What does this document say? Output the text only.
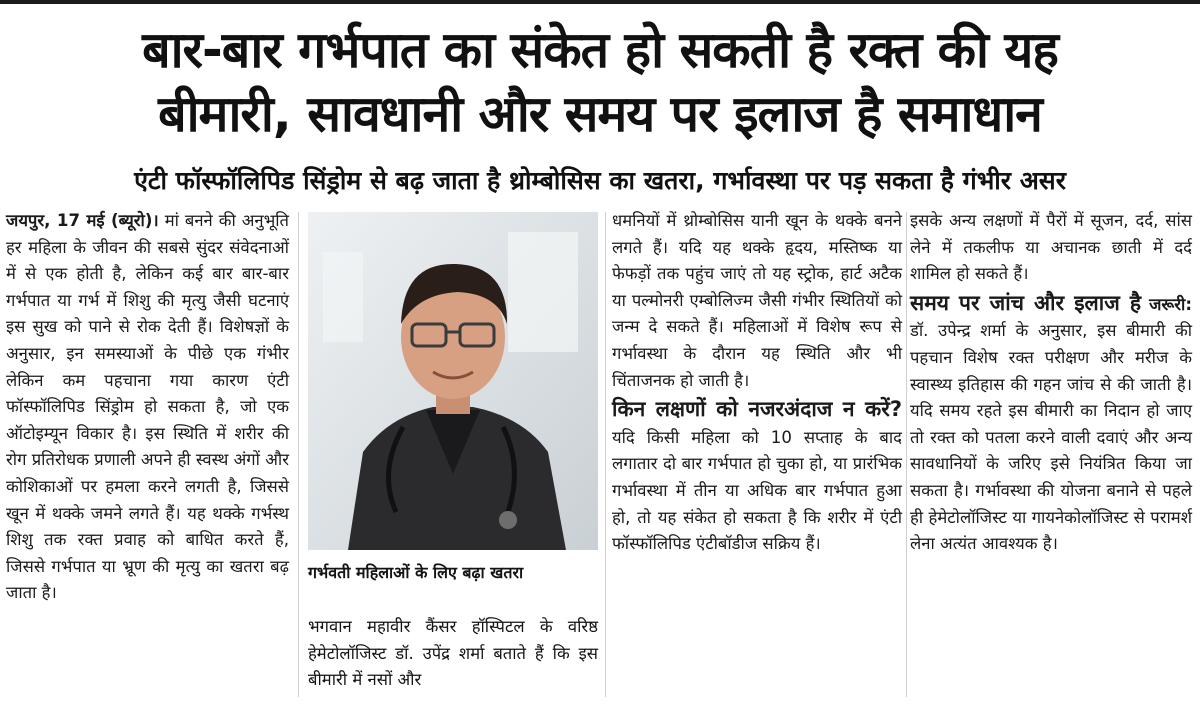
बार-बार गर्भपात का संकेत हो सकती है रक्त की यह
बीमारी, सावधानी और समय पर इलाज है समाधान
एंटी फॉस्फॉलिपिड सिंड्रोम से बढ़ जाता है थ्रोम्बोसिस का खतरा, गर्भावस्था पर पड़ सकता है गंभीर असर

जयपुर, 17 मई (ब्यूरो)। मां बनने की अनुभूति हर महिला के जीवन की सबसे सुंदर संवेदनाओं में से एक होती है, लेकिन कई बार बार-बार गर्भपात या गर्भ में शिशु की मृत्यु जैसी घटनाएं इस सुख को पाने से रोक देती हैं। विशेषज्ञों के अनुसार, इन समस्याओं के पीछे एक गंभीर लेकिन कम पहचाना गया कारण एंटी फॉस्फॉलिपिड सिंड्रोम हो सकता है, जो एक ऑटोइम्यून विकार है। इस स्थिति में शरीर की रोग प्रतिरोधक प्रणाली अपने ही स्वस्थ अंगों और कोशिकाओं पर हमला करने लगती है, जिससे खून में थक्के जमने लगते हैं। यह थक्के गर्भस्थ शिशु तक रक्त प्रवाह को बाधित करते हैं, जिससे गर्भपात या भ्रूण की मृत्यु का खतरा बढ़ जाता है।

गर्भवती महिलाओं के लिए बढ़ा खतरा

भगवान महावीर कैंसर हॉस्पिटल के वरिष्ठ हेमेटोलॉजिस्ट डॉ. उपेंद्र शर्मा बताते हैं कि इस बीमारी में नसों और

धमनियों में थ्रोम्बोसिस यानी खून के थक्के बनने लगते हैं। यदि यह थक्के हृदय, मस्तिष्क या फेफड़ों तक पहुंच जाएं तो यह स्ट्रोक, हार्ट अटैक या पल्मोनरी एम्बोलिज्म जैसी गंभीर स्थितियों को जन्म दे सकते हैं। महिलाओं में विशेष रूप से गर्भावस्था के दौरान यह स्थिति और भी चिंताजनक हो जाती है।

किन लक्षणों को नजरअंदाज न करें? यदि किसी महिला को 10 सप्ताह के बाद लगातार दो बार गर्भपात हो चुका हो, या प्रारंभिक गर्भावस्था में तीन या अधिक बार गर्भपात हुआ हो, तो यह संकेत हो सकता है कि शरीर में एंटी फॉस्फॉलिपिड एंटीबॉडीज सक्रिय हैं।

इसके अन्य लक्षणों में पैरों में सूजन, दर्द, सांस लेने में तकलीफ या अचानक छाती में दर्द शामिल हो सकते हैं।

समय पर जांच और इलाज है जरूरी: डॉ. उपेन्द्र शर्मा के अनुसार, इस बीमारी की पहचान विशेष रक्त परीक्षण और मरीज के स्वास्थ्य इतिहास की गहन जांच से की जाती है। यदि समय रहते इस बीमारी का निदान हो जाए तो रक्त को पतला करने वाली दवाएं और अन्य सावधानियों के जरिए इसे नियंत्रित किया जा सकता है। गर्भावस्था की योजना बनाने से पहले ही हेमेटोलॉजिस्ट या गायनेकोलॉजिस्ट से परामर्श लेना अत्यंत आवश्यक है।
